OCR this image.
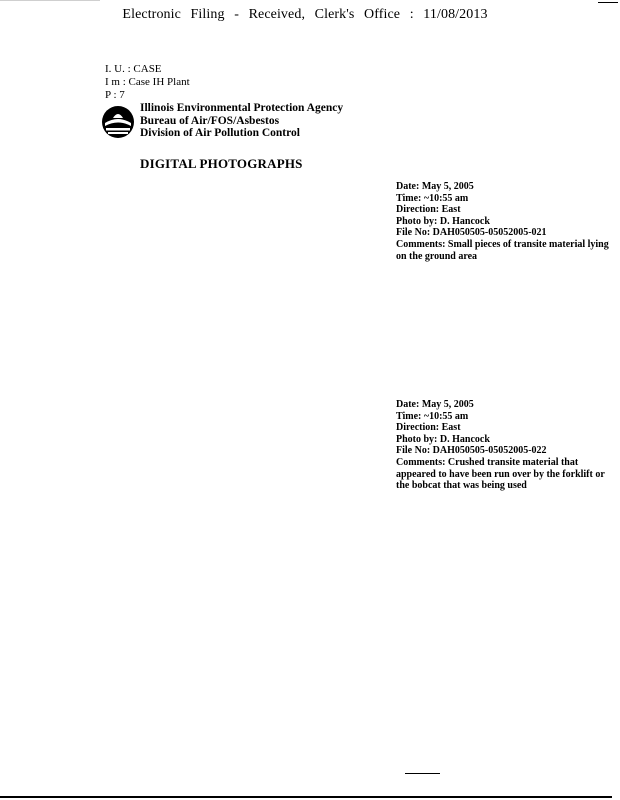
Electronic Filing - Received, Clerk's Office : 11/08/2013
I. U. : CASE
I m : Case IH Plant
P : 7
Illinois Environmental Protection Agency
Bureau of Air/FOS/Asbestos
Division of Air Pollution Control
DIGITAL PHOTOGRAPHS
Date: May 5, 2005
Time: ~10:55 am
Direction: East
Photo by: D. Hancock
File No: DAH050505-05052005-021
Comments: Small pieces of transite material lying on the ground area
Date: May 5, 2005
Time: ~10:55 am
Direction: East
Photo by: D. Hancock
File No: DAH050505-05052005-022
Comments: Crushed transite material that appeared to have been run over by the forklift or the bobcat that was being used
